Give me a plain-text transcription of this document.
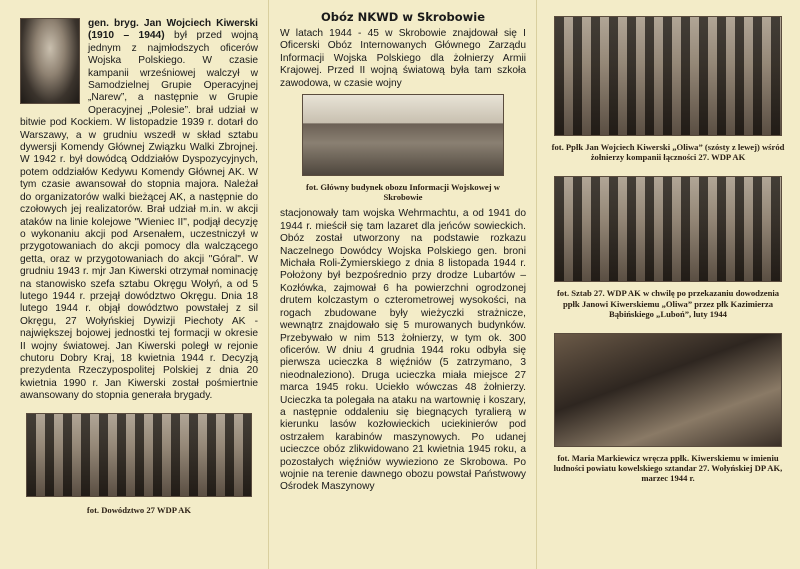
gen. bryg. Jan Wojciech Kiwerski (1910 – 1944) był przed wojną jednym z najmłodszych oficerów Wojska Polskiego. W czasie kampanii wrześniowej walczył w Samodzielnej Grupie Operacyjnej „Narew”, a następnie w Grupie Operacyjnej „Polesie”. brał udział w bitwie pod Kockiem. W listopadzie 1939 r. dotarł do Warszawy, a w grudniu wszedł w skład sztabu dywersji Komendy Głównej Związku Walki Zbrojnej. W 1942 r. był dowódcą Oddziałów Dyspozycyjnych, potem oddziałów Kedywu Komendy Głównej AK. W tym czasie awansował do stopnia majora. Należał do organizatorów walki bieżącej AK, a następnie do czołowych jej realizatorów. Brał udział m.in. w akcji ataków na linie kolejowe "Wieniec II", podjął decyzję o wykonaniu akcji pod Arsenałem, uczestniczył w przygotowaniach do akcji pomocy dla walczącego getta, oraz w przygotowaniach do akcji "Góral". W grudniu 1943 r. mjr Jan Kiwerski otrzymał nominację na stanowisko szefa sztabu Okręgu Wołyń, a od 5 lutego 1944 r. przejął dowództwo Okręgu. Dnia 18 lutego 1944 r. objął dowództwo powstałej z sil Okręgu, 27 Wołyńskiej Dywizji Piechoty AK - największej bojowej jednostki tej formacji w okresie II wojny światowej. Jan Kiwerski poległ w rejonie chutoru Dobry Kraj, 18 kwietnia 1944 r. Decyzją prezydenta Rzeczypospolitej Polskiej z dnia 20 kwietnia 1990 r. Jan Kiwerski został pośmiertnie awansowany do stopnia generała brygady.

fot. Dowództwo 27 WDP AK
Obóz NKWD w Skrobowie

W latach 1944 - 45 w Skrobowie znajdował się I Oficerski Obóz Internowanych Głównego Zarządu Informacji Wojska Polskiego dla żołnierzy Armii Krajowej. Przed II wojną światową była tam szkoła zawodowa, w czasie wojny

fot. Główny budynek obozu Informacji Wojskowej w Skrobowie

stacjonowały tam wojska Wehrmachtu, a od 1941 do 1944 r. mieścił się tam lazaret dla jeńców sowieckich. Obóz został utworzony na podstawie rozkazu Naczelnego Dowódcy Wojska Polskiego gen. broni Michała Roli-Żymierskiego z dnia 8 listopada 1944 r. Położony był bezpośrednio przy drodze Lubartów – Kozłówka, zajmował 6 ha powierzchni ogrodzonej drutem kolczastym o czterometrowej wysokości, na rogach zbudowane były wieżyczki strażnicze, wewnątrz znajdowało się 5 murowanych budynków. Przebywało w nim 513 żołnierzy, w tym ok. 300 oficerów. W dniu 4 grudnia 1944 roku odbyła się pierwsza ucieczka 8 więźniów (5 zatrzymano, 3 nieodnaleziono). Druga ucieczka miała miejsce 27 marca 1945 roku. Uciekło wówczas 48 żołnierzy. Ucieczka ta polegała na ataku na wartownię i koszary, a następnie oddaleniu się biegnących tyralierą w kierunku lasów kozłowieckich uciekinierów pod ostrzałem karabinów maszynowych. Po udanej ucieczce obóz zlikwidowano 21 kwietnia 1945 roku, a pozostałych więźniów wywieziono ze Skrobowa. Po wojnie na terenie dawnego obozu powstał Państwowy Ośrodek Maszynowy

fot. Ppłk Jan Wojciech Kiwerski „Oliwa” (szósty z lewej) wśród żołnierzy kompanii łączności 27. WDP AK
fot. Sztab 27. WDP AK w chwilę po przekazaniu dowodzenia ppłk Janowi Kiwerskiemu „Oliwa” przez płk Kazimierza Bąbińskiego „Luboń”, luty 1944
fot. Maria Markiewicz wręcza ppłk. Kiwerskiemu w imieniu ludności powiatu kowelskiego sztandar 27. Wołyńskiej DP AK, marzec 1944 r.
